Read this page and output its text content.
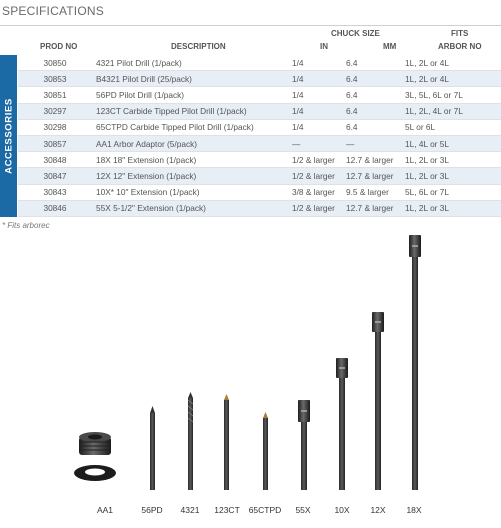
SPECIFICATIONS
CHUCK SIZE	FITS
PROD NO	DESCRIPTION	IN	MM	ARBOR NO
ACCESSORIES
30850	4321 Pilot Drill (1/pack)	1/4	6.4	1L, 2L or 4L
30853	B4321 Pilot Drill (25/pack)	1/4	6.4	1L, 2L or 4L
30851	56PD Pilot Drill (1/pack)	1/4	6.4	3L, 5L, 6L or 7L
30297	123CT Carbide Tipped Pilot Drill (1/pack)	1/4	6.4	1L, 2L, 4L or 7L
30298	65CTPD Carbide Tipped Pilot Drill (1/pack)	1/4	6.4	5L or 6L
30857	AA1 Arbor Adaptor (5/pack)	—	—	1L, 4L or 5L
30848	18X 18" Extension (1/pack)	1/2 & larger	12.7 & larger	1L, 2L or 3L
30847	12X 12" Extension (1/pack)	1/2 & larger	12.7 & larger	1L, 2L or 3L
30843	10X* 10" Extension (1/pack)	3/8 & larger	9.5 & larger	5L, 6L or 7L
30846	55X 5-1/2" Extension (1/pack)	1/2 & larger	12.7 & larger	1L, 2L or 3L
* Fits arborec
AA1	56PD 4321 123CT 65CTPD 55X	10X 12X 18X
